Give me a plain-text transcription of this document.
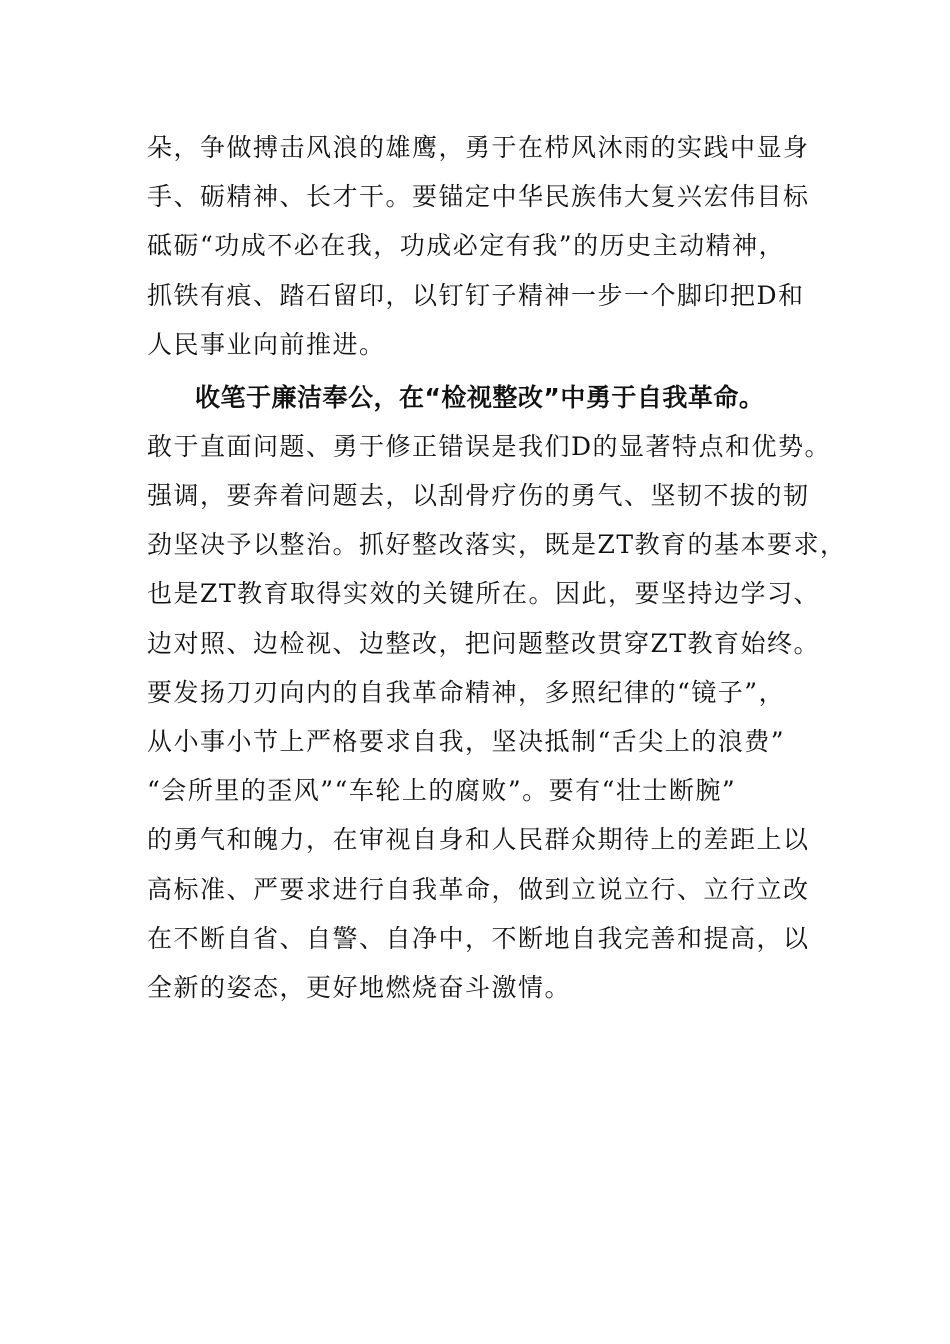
朵，争做搏击风浪的雄鹰，勇于在栉风沐雨的实践中显身
手、砺精神、长才干。要锚定中华民族伟大复兴宏伟目标
砥砺“功成不必在我，功成必定有我”的历史主动精神，
抓铁有痕、踏石留印，以钉钉子精神一步一个脚印把D和
人民事业向前推进。
收笔于廉洁奉公，在“检视整改”中勇于自我革命。
敢于直面问题、勇于修正错误是我们D的显著特点和优势。
强调，要奔着问题去，以刮骨疗伤的勇气、坚韧不拔的韧
劲坚决予以整治。抓好整改落实，既是ZT教育的基本要求，
也是ZT教育取得实效的关键所在。因此，要坚持边学习、
边对照、边检视、边整改，把问题整改贯穿ZT教育始终。
要发扬刀刃向内的自我革命精神，多照纪律的“镜子”，
从小事小节上严格要求自我，坚决抵制“舌尖上的浪费”
“会所里的歪风”“车轮上的腐败”。要有“壮士断腕”
的勇气和魄力，在审视自身和人民群众期待上的差距上以
高标准、严要求进行自我革命，做到立说立行、立行立改
在不断自省、自警、自净中，不断地自我完善和提高，以
全新的姿态，更好地燃烧奋斗激情。
